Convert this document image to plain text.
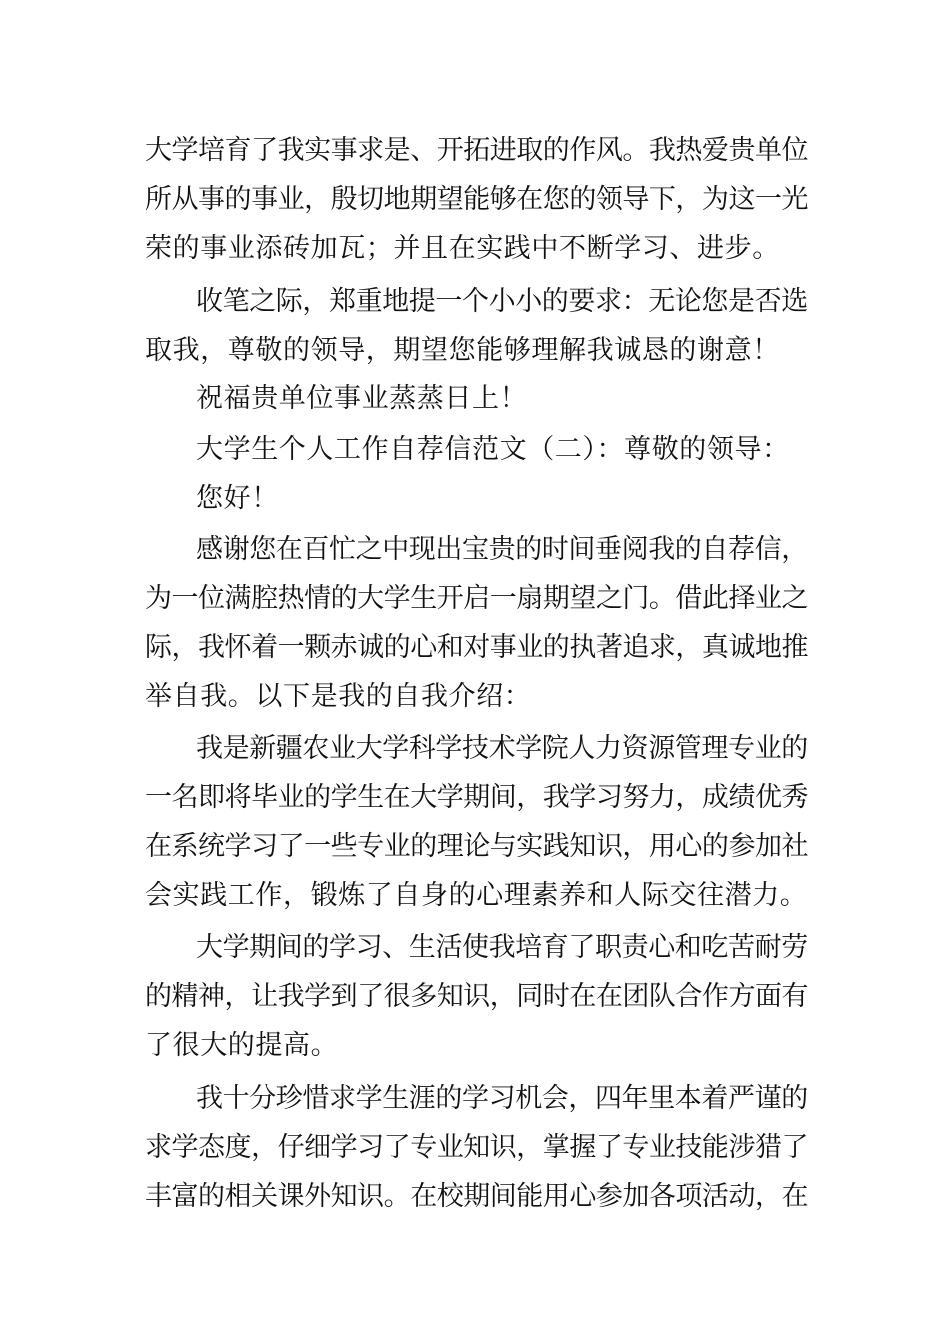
大学培育了我实事求是、开拓进取的作风。我热爱贵单位
所从事的事业，殷切地期望能够在您的领导下，为这一光
荣的事业添砖加瓦；并且在实践中不断学习、进步。
收笔之际，郑重地提一个小小的要求：无论您是否选
取我，尊敬的领导，期望您能够理解我诚恳的谢意！
祝福贵单位事业蒸蒸日上！
大学生个人工作自荐信范文（二）：尊敬的领导：
您好！
感谢您在百忙之中现出宝贵的时间垂阅我的自荐信，
为一位满腔热情的大学生开启一扇期望之门。借此择业之
际，我怀着一颗赤诚的心和对事业的执著追求，真诚地推
举自我。以下是我的自我介绍：
我是新疆农业大学科学技术学院人力资源管理专业的
一名即将毕业的学生在大学期间，我学习努力，成绩优秀
在系统学习了一些专业的理论与实践知识，用心的参加社
会实践工作，锻炼了自身的心理素养和人际交往潜力。
大学期间的学习、生活使我培育了职责心和吃苦耐劳
的精神，让我学到了很多知识，同时在在团队合作方面有
了很大的提高。
我十分珍惜求学生涯的学习机会，四年里本着严谨的
求学态度，仔细学习了专业知识，掌握了专业技能涉猎了
丰富的相关课外知识。在校期间能用心参加各项活动，在
